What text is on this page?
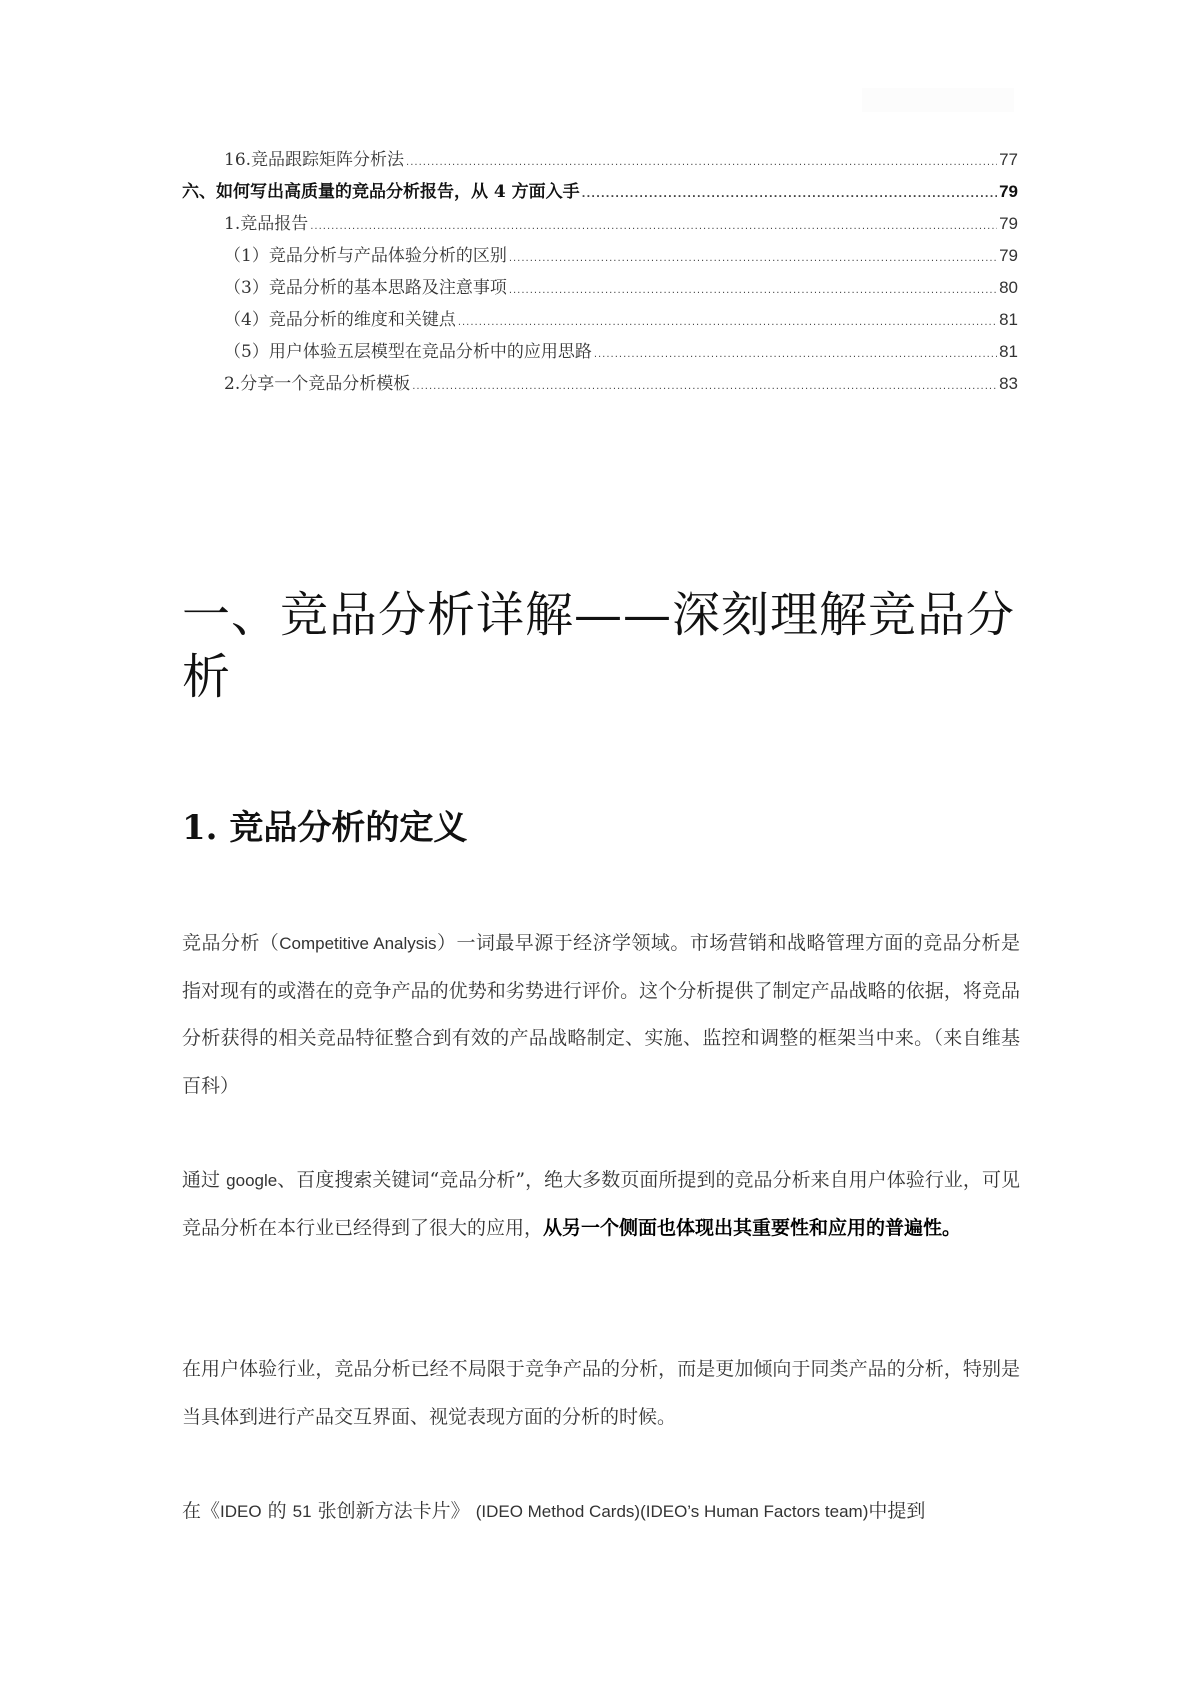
16. 竞品跟踪矩阵分析法 .....	77
六、 如何写出高质量的竞品分析报告，从 4 方面入手 .....	79
1. 竞品报告 .....	79
（1） 竞品分析与产品体验分析的区别 .....	79
（3） 竞品分析的基本思路及注意事项 .....	80
（4） 竞品分析的维度和关键点 .....	81
（5） 用户体验五层模型在竞品分析中的应用思路 .....	81
2. 分享一个竞品分析模板 .....	83
一、竞品分析详解——深刻理解竞品分析
1. 竞品分析的定义

竞品分析（Competitive Analysis）一词最早源于经济学领域。市场营销和战略管理方面的竞品分析是指对现有的或潜在的竞争产品的优势和劣势进行评价。这个分析提供了制定产品战略的依据，将竞品分析获得的相关竞品特征整合到有效的产品战略制定、实施、监控和调整的框架当中来。（来自维基百科）

通过 google、百度搜索关键词“竞品分析”，绝大多数页面所提到的竞品分析来自用户体验行业，可见竞品分析在本行业已经得到了很大的应用，从另一个侧面也体现出其重要性和应用的普遍性。

在用户体验行业，竞品分析已经不局限于竞争产品的分析，而是更加倾向于同类产品的分析，特别是当具体到进行产品交互界面、视觉表现方面的分析的时候。

在《IDEO 的 51 张创新方法卡片》 (IDEO Method Cards)(IDEO’s Human Factors team)中提到
